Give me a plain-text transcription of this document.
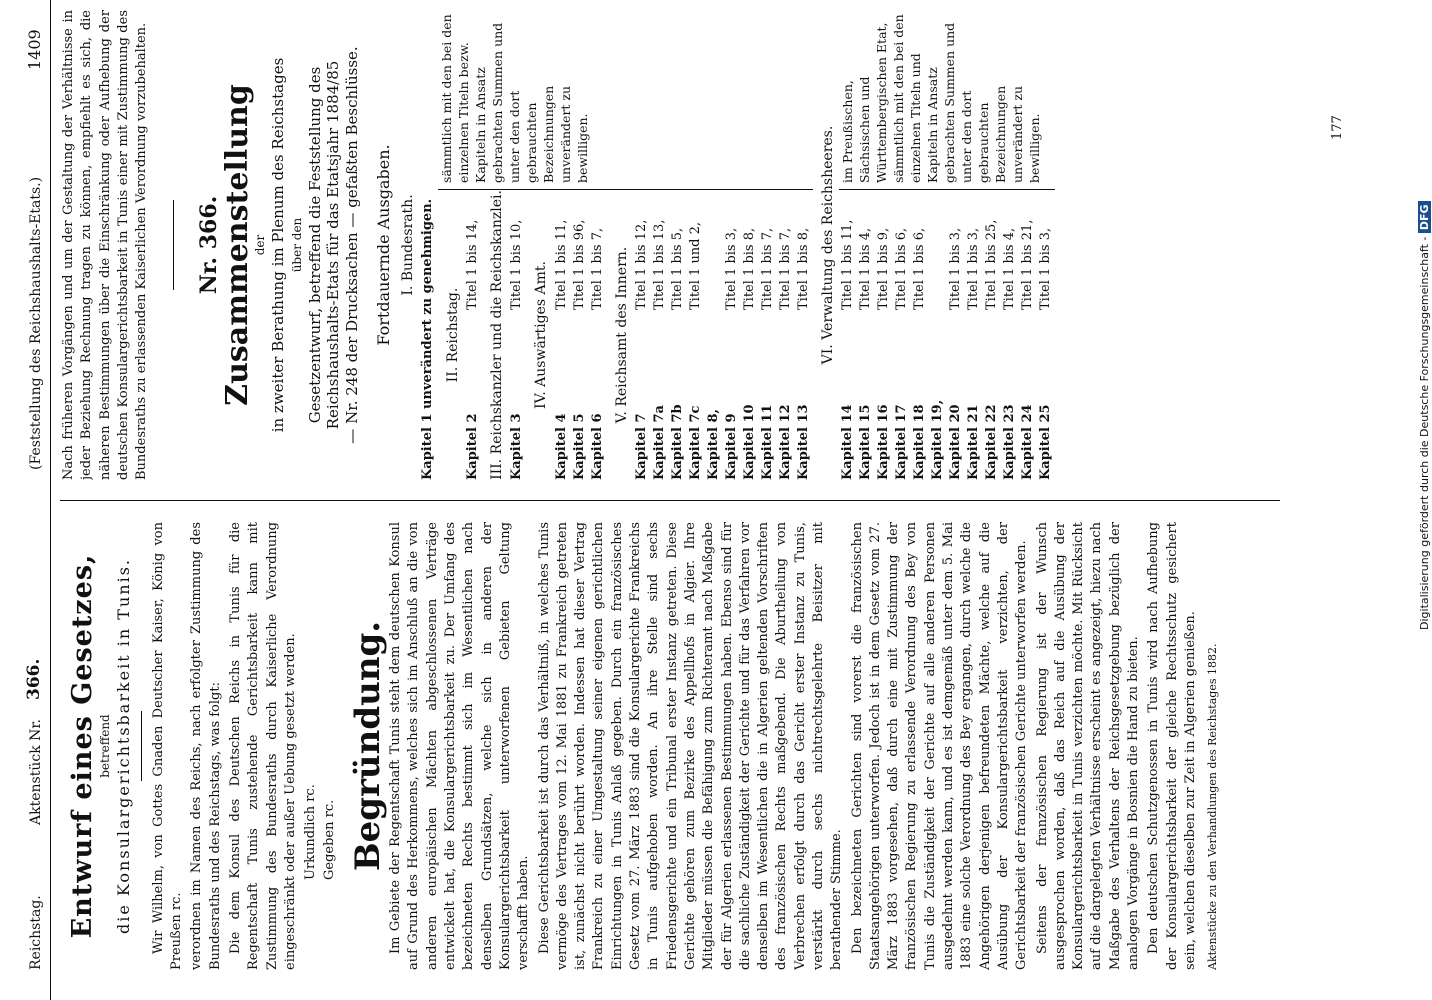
Reichstag.
Aktenstück Nr.
366.
(Feststellung des Reichshaushalts-Etats.)
1409
Entwurf eines Gesetzes, betreffend die Konsulargerichtsbarkeit in Tunis. Wir Wilhelm, von Gottes Gnaden Deutscher Kaiser, König von Preußen rc. verordnen im Namen des Reichs, nach erfolgter Zustimmung des Bundesraths und des Reichstags, was folgt: Die dem Konsul des Deutschen Reichs in Tunis für die Regentschaft Tunis zustehende Gerichtsbarkeit kann mit Zustimmung des Bundesraths durch Kaiserliche Verordnung eingeschränkt oder außer Uebung gesetzt werden. Urkundlich rc. Gegeben rc. Begründung. Im Gebiete der Regentschaft Tunis steht dem deutschen Konsul auf Grund des Herkommens, welches sich im Anschluß an die von anderen europäischen Mächten abgeschlossenen Verträge entwickelt hat, die Konsulargerichtsbarkeit zu. Der Umfang des bezeichneten Rechts bestimmt sich im Wesentlichen nach denselben Grundsätzen, welche sich in anderen der Konsulargerichtsbarkeit unterworfenen Gebieten Geltung verschafft haben. Diese Gerichtsbarkeit ist durch das Verhältniß, in welches Tunis vermöge des Vertrages vom 12. Mai 1881 zu Frankreich getreten ist, zunächst nicht berührt worden. Indessen hat dieser Vertrag Frankreich zu einer Umgestaltung seiner eigenen gerichtlichen Einrichtungen in Tunis Anlaß gegeben. Durch ein französisches Gesetz vom 27. März 1883 sind die Konsulargerichte Frankreichs in Tunis aufgehoben worden. An ihre Stelle sind sechs Friedensgerichte und ein Tribunal erster Instanz getreten. Diese Gerichte gehören zum Bezirke des Appellhofs in Algier. Ihre Mitglieder müssen die Befähigung zum Richteramt nach Maßgabe der für Algerien erlassenen Bestimmungen haben. Ebenso sind für die sachliche Zuständigkeit der Gerichte und für das Verfahren vor denselben im Wesentlichen die in Algerien geltenden Vorschriften des französischen Rechts maßgebend. Die Aburtheilung von Verbrechen erfolgt durch das Gericht erster Instanz zu Tunis, verstärkt durch sechs nichtrechtsgelehrte Beisitzer mit berathender Stimme. Den bezeichneten Gerichten sind vorerst die französischen Staatsangehörigen unterworfen. Jedoch ist in dem Gesetz vom 27. März 1883 vorgesehen, daß durch eine mit Zustimmung der französischen Regierung zu erlassende Verordnung des Bey von Tunis die Zuständigkeit der Gerichte auf alle anderen Personen ausgedehnt werden kann, und es ist demgemäß unter dem 5. Mai 1883 eine solche Verordnung des Bey ergangen, durch welche die Angehörigen derjenigen befreundeten Mächte, welche auf die Ausübung der Konsulargerichtsbarkeit verzichten, der Gerichtsbarkeit der französischen Gerichte unterworfen werden. Seitens der französischen Regierung ist der Wunsch ausgesprochen worden, daß das Reich auf die Ausübung der Konsulargerichtsbarkeit in Tunis verzichten möchte. Mit Rücksicht auf die dargelegten Verhältnisse erscheint es angezeigt, hiezu nach Maßgabe des Verhaltens der Reichsgesetzgebung bezüglich der analogen Vorgänge in Bosnien die Hand zu bieten. Den deutschen Schutzgenossen in Tunis wird nach Aufhebung der Konsulargerichtsbarkeit der gleiche Rechtsschutz gesichert sein, welchen dieselben zur Zeit in Algerien genießen. Aktenstücke zu den Verhandlungen des Reichstages 1882.

Nach früheren Vorgängen und um der Gestaltung der Verhältnisse in jeder Beziehung Rechnung tragen zu können, empfiehlt es sich, die näheren Bestimmungen über die Einschränkung oder Aufhebung der deutschen Konsulargerichtsbarkeit in Tunis einer mit Zustimmung des Bundesraths zu erlassenden Kaiserlichen Verordnung vorzubehalten. Nr. 366.
Zusammenstellung
der in zweiter Berathung im Plenum des Reichstages über den Gesetzentwurf, betreffend die Feststellung des Reichshaushalts-Etats für das Etatsjahr 1884/85 — Nr. 248 der Drucksachen — gefaßten Beschlüsse. Fortdauernde Ausgaben. I. Bundesrath. Kapitel 1 unverändert zu genehmigen. II. Reichstag.
Kapitel 2
Titel 1 bis 14, III. Reichskanzler und die Reichskanzlei. Kapitel 3
Titel 1 bis 10, IV. Auswärtiges Amt.
Kapitel 4
Titel 1 bis 11,
Kapitel 5
Titel 1 bis 96,
Kapitel 6
Titel 1 bis 7, V. Reichsamt des Innern.
Kapitel 7
Titel 1 bis 12,
Kapitel 7a
Titel 1 bis 13,
Kapitel 7b
Titel 1 bis 5,
Kapitel 7c
Titel 1 und 2,
Kapitel 8, Kapitel 9
Titel 1 bis 3,
Kapitel 10
Titel 1 bis 8,
Kapitel 11
Titel 1 bis 7,
Kapitel 12
Titel 1 bis 7,
Kapitel 13
Titel 1 bis 8,
sämmtlich mit den bei den einzelnen Titeln bezw. Kapiteln in Ansatz gebrachten Summen und unter den dort gebrauchten Bezeichnungen unverändert zu bewilligen.	VI. Verwaltung des Reichsheeres.
Kapitel 14
Titel 1 bis 11,
Kapitel 15
Titel 1 bis 4,
Kapitel 16
Titel 1 bis 9,
Kapitel 17
Titel 1 bis 6,
Kapitel 18
Titel 1 bis 6,
Kapitel 19, Kapitel 20
Titel 1 bis 3,
Kapitel 21
Titel 1 bis 3,
Kapitel 22
Titel 1 bis 25,
Kapitel 23
Titel 1 bis 4,
Kapitel 24
Titel 1 bis 21,
Kapitel 25
Titel 1 bis 3,
im Preußischen, Sächsischen und Württembergischen Etat, sämmtlich mit den bei den einzelnen Titeln und Kapiteln in Ansatz gebrachten Summen und unter den dort gebrauchten Bezeichnungen unverändert zu bewilligen.	177
Digitalisierung gefördert durch die Deutsche Forschungsgemeinschaft - DFG
